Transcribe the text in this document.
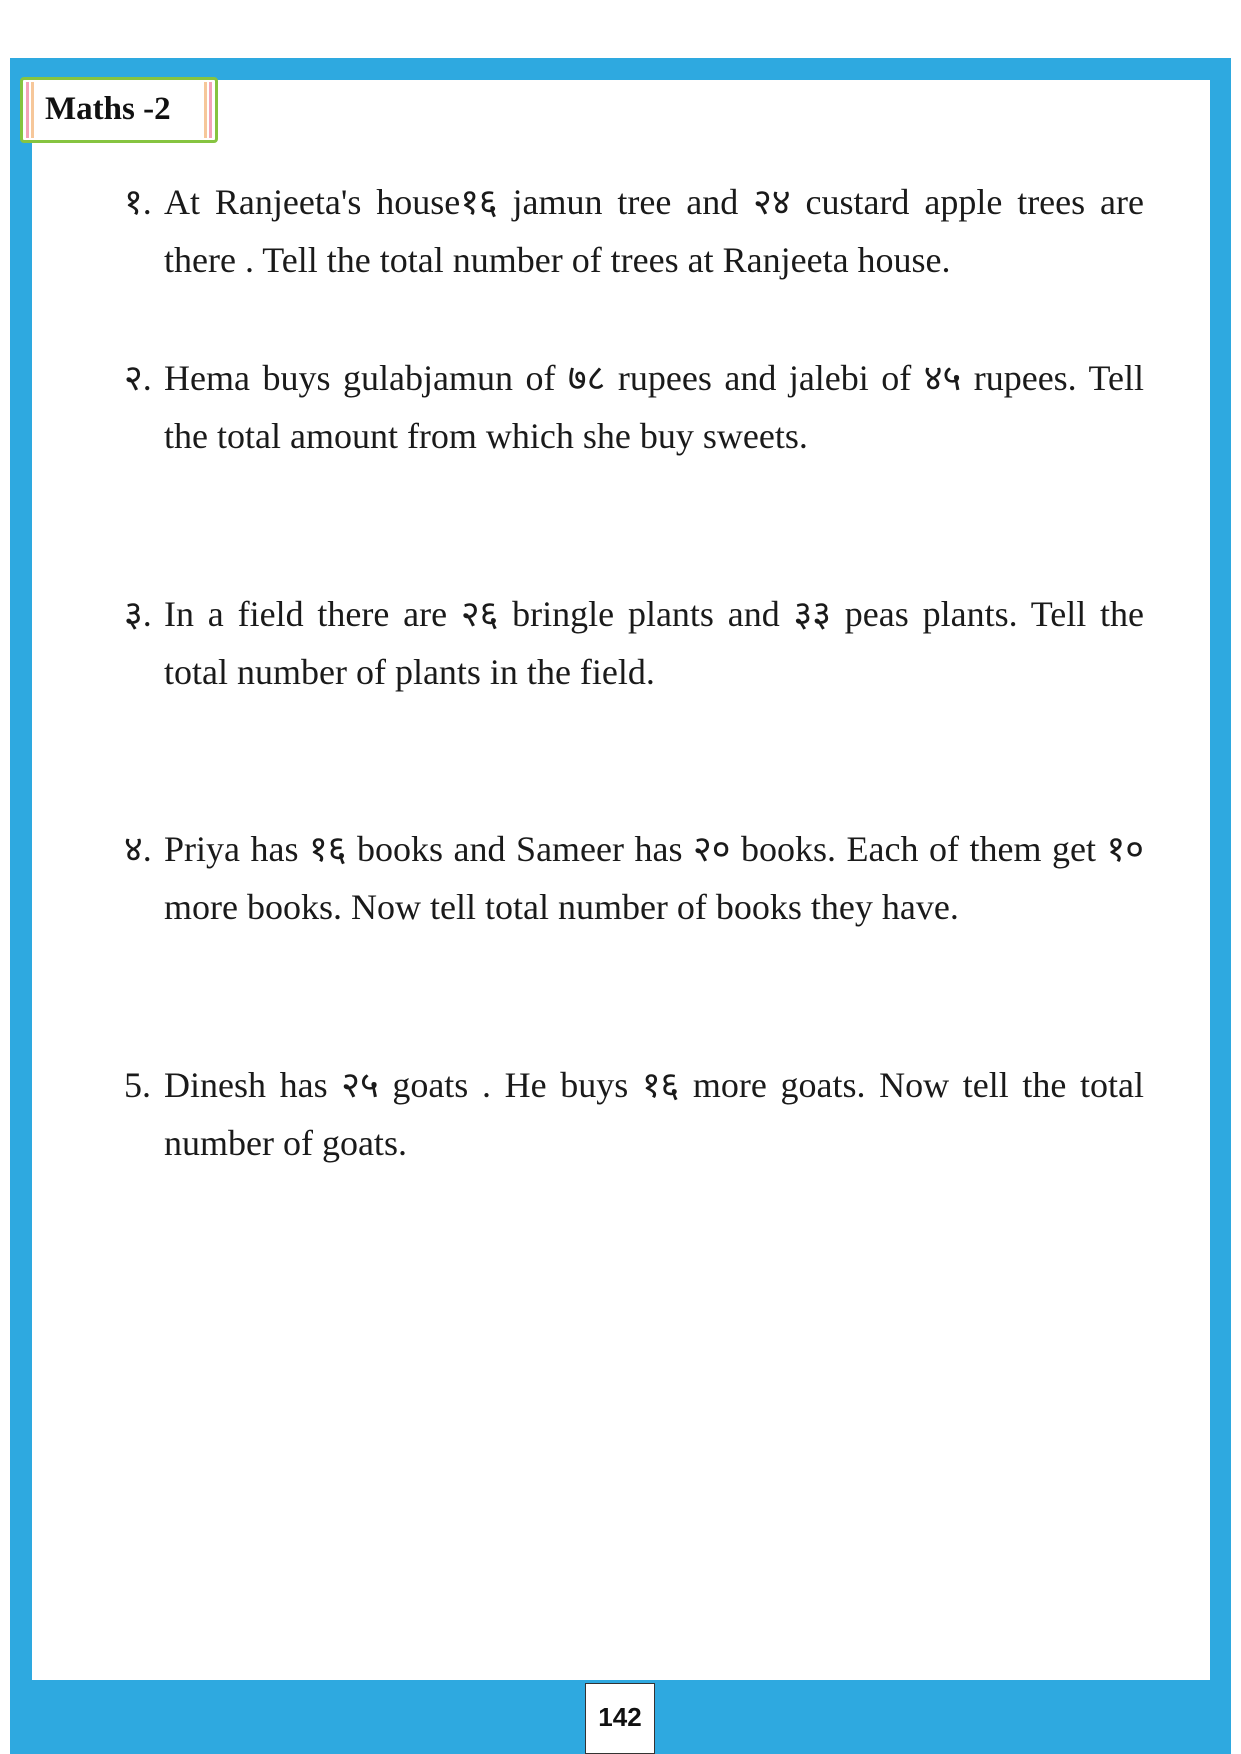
Maths -2
१. At Ranjeeta's house१६ jamun tree and २४ custard apple trees are there . Tell the total number of trees at Ranjeeta house.
२. Hema buys gulabjamun of ७८ rupees and jalebi of ४५ rupees. Tell the total amount from which she buy sweets.
३. In a field there are २६ bringle plants and ३३ peas plants. Tell the total number of plants in the field.
४. Priya has १६ books and Sameer has २० books. Each of them get १० more books. Now tell total number of books they have.
5. Dinesh has २५ goats . He buys १६ more goats. Now tell the total number of goats.
142
